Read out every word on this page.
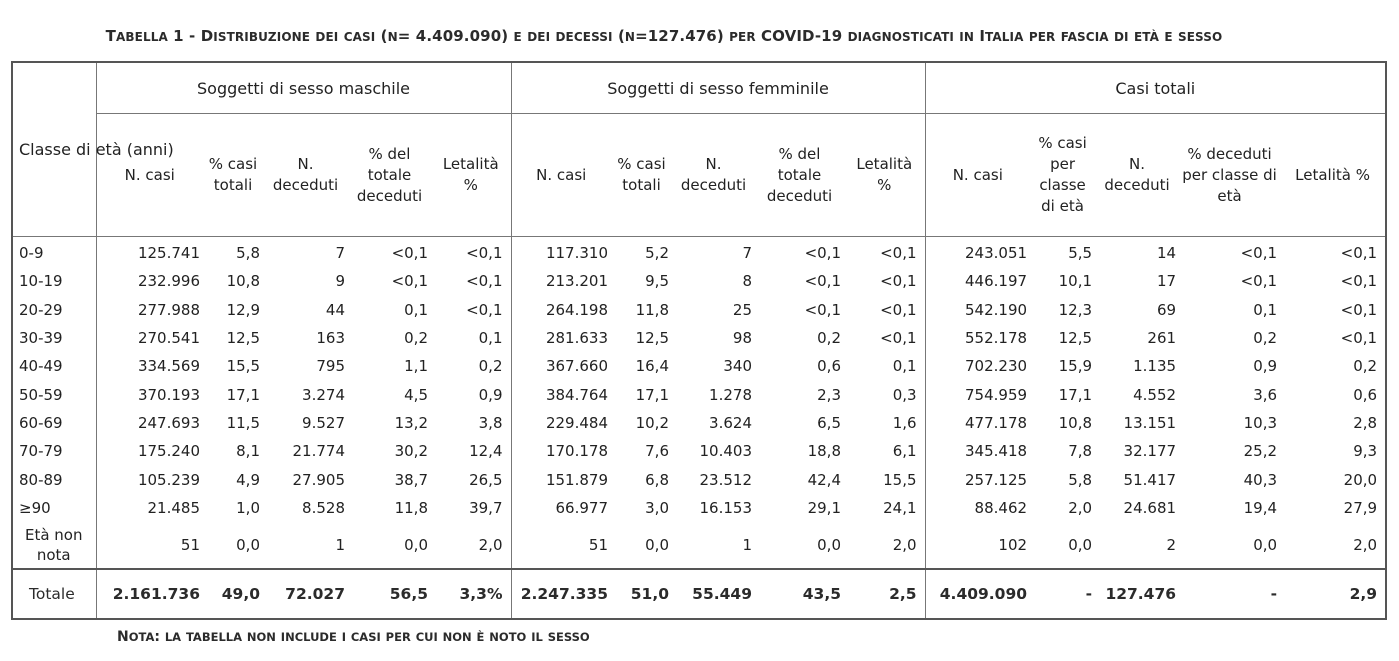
TABELLA 1 - DISTRIBUZIONE DEI CASI (N= 4.409.090) E DEI DECESSI (N=127.476) PER COVID-19 DIAGNOSTICATI IN ITALIA PER FASCIA DI ETÀ E SESSO
Classe di età (anni)	Soggetti di sesso maschile					Soggetti di sesso femminile					Casi totali				
	N. casi	% casi totali	N. deceduti	% del totale deceduti	Letalità %	N. casi	% casi totali	N. deceduti	% del totale deceduti	Letalità %	N. casi	% casi per classe di età	N. deceduti	% deceduti per classe di età	Letalità %
0-9	125.741	5,8	7	<0,1	<0,1	117.310	5,2	7	<0,1	<0,1	243.051	5,5	14	<0,1	<0,1
10-19	232.996	10,8	9	<0,1	<0,1	213.201	9,5	8	<0,1	<0,1	446.197	10,1	17	<0,1	<0,1
20-29	277.988	12,9	44	0,1	<0,1	264.198	11,8	25	<0,1	<0,1	542.190	12,3	69	0,1	<0,1
30-39	270.541	12,5	163	0,2	0,1	281.633	12,5	98	0,2	<0,1	552.178	12,5	261	0,2	<0,1
40-49	334.569	15,5	795	1,1	0,2	367.660	16,4	340	0,6	0,1	702.230	15,9	1.135	0,9	0,2
50-59	370.193	17,1	3.274	4,5	0,9	384.764	17,1	1.278	2,3	0,3	754.959	17,1	4.552	3,6	0,6
60-69	247.693	11,5	9.527	13,2	3,8	229.484	10,2	3.624	6,5	1,6	477.178	10,8	13.151	10,3	2,8
70-79	175.240	8,1	21.774	30,2	12,4	170.178	7,6	10.403	18,8	6,1	345.418	7,8	32.177	25,2	9,3
80-89	105.239	4,9	27.905	38,7	26,5	151.879	6,8	23.512	42,4	15,5	257.125	5,8	51.417	40,3	20,0
≥90	21.485	1,0	8.528	11,8	39,7	66.977	3,0	16.153	29,1	24,1	88.462	2,0	24.681	19,4	27,9
Età non nota	51	0,0	1	0,0	2,0	51	0,0	1	0,0	2,0	102	0,0	2	0,0	2,0
Totale	2.161.736	49,0	72.027	56,5	3,3%	2.247.335	51,0	55.449	43,5	2,5	4.409.090	-	127.476	-	2,9
NOTA: LA TABELLA NON INCLUDE I CASI PER CUI NON È NOTO IL SESSO
